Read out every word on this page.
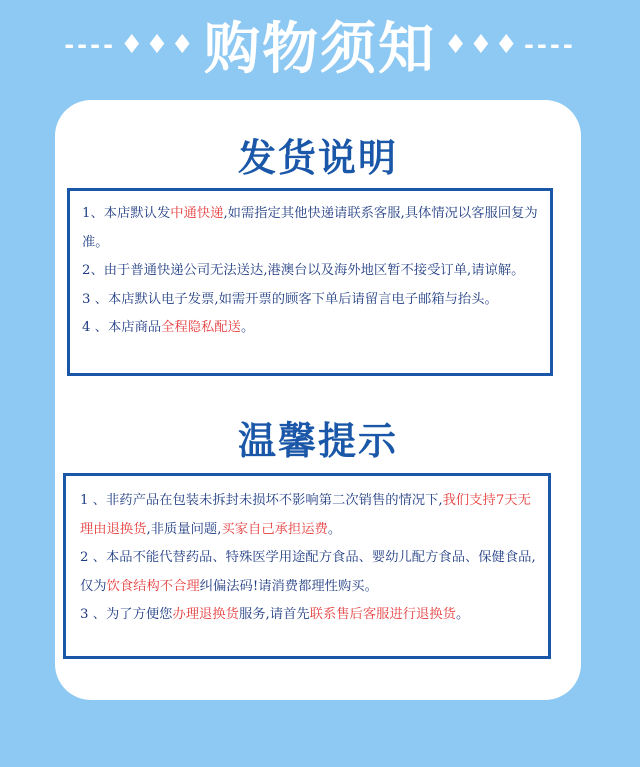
---- ♦♦♦ 购物须知 ♦♦♦ ----
发货说明

1、本店默认发中通快递,如需指定其他快递请联系客服,具体情况以客服回复为准。

2、由于普通快递公司无法送达,港澳台以及海外地区暂不接受订单,请谅解。

3 、本店默认电子发票,如需开票的顾客下单后请留言电子邮箱与抬头。

4 、本店商品全程隐私配送。

温馨提示

1 、非药产品在包装未拆封未损坏不影响第二次销售的情况下,我们支持7天无理由退换货,非质量问题,买家自己承担运费。

2 、本品不能代替药品、特殊医学用途配方食品、婴幼儿配方食品、保健食品, 仅为饮食结构不合理纠偏法码!请消费都理性购买。

3 、为了方便您办理退换货服务,请首先联系售后客服进行退换货。
